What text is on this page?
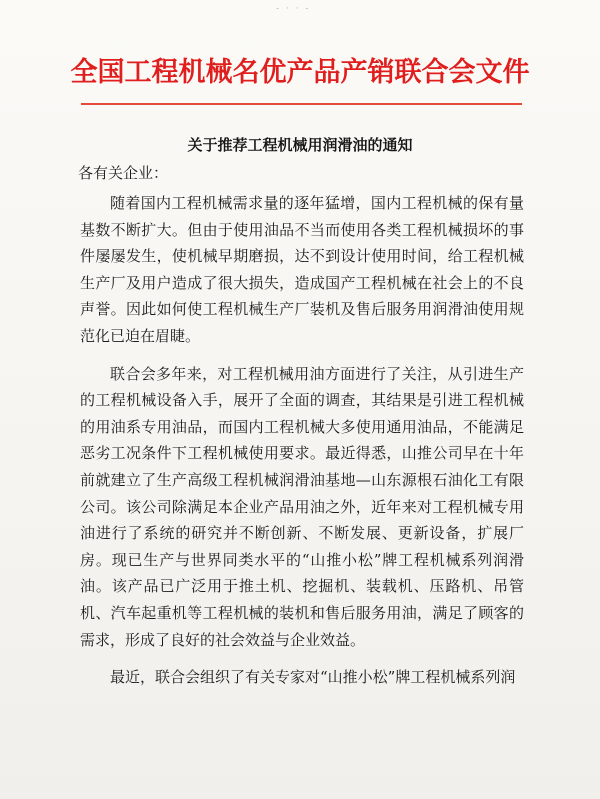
- · · -
全国工程机械名优产品产销联合会文件
关于推荐工程机械用润滑油的通知
各有关企业：

随着国内工程机械需求量的逐年猛增，国内工程机械的保有量基数不断扩大。但由于使用油品不当而使用各类工程机械损坏的事件屡屡发生，使机械早期磨损，达不到设计使用时间，给工程机械生产厂及用户造成了很大损失，造成国产工程机械在社会上的不良声誉。因此如何使工程机械生产厂装机及售后服务用润滑油使用规范化已迫在眉睫。

联合会多年来，对工程机械用油方面进行了关注，从引进生产的工程机械设备入手，展开了全面的调查，其结果是引进工程机械的用油系专用油品，而国内工程机械大多使用通用油品，不能满足恶劣工况条件下工程机械使用要求。最近得悉，山推公司早在十年前就建立了生产高级工程机械润滑油基地—山东源根石油化工有限公司。该公司除满足本企业产品用油之外，近年来对工程机械专用油进行了系统的研究并不断创新、不断发展、更新设备，扩展厂房。现已生产与世界同类水平的“山推小松”牌工程机械系列润滑油。该产品已广泛用于推土机、挖掘机、装载机、压路机、吊管机、汽车起重机等工程机械的装机和售后服务用油，满足了顾客的需求，形成了良好的社会效益与企业效益。

最近，联合会组织了有关专家对“山推小松”牌工程机械系列润
